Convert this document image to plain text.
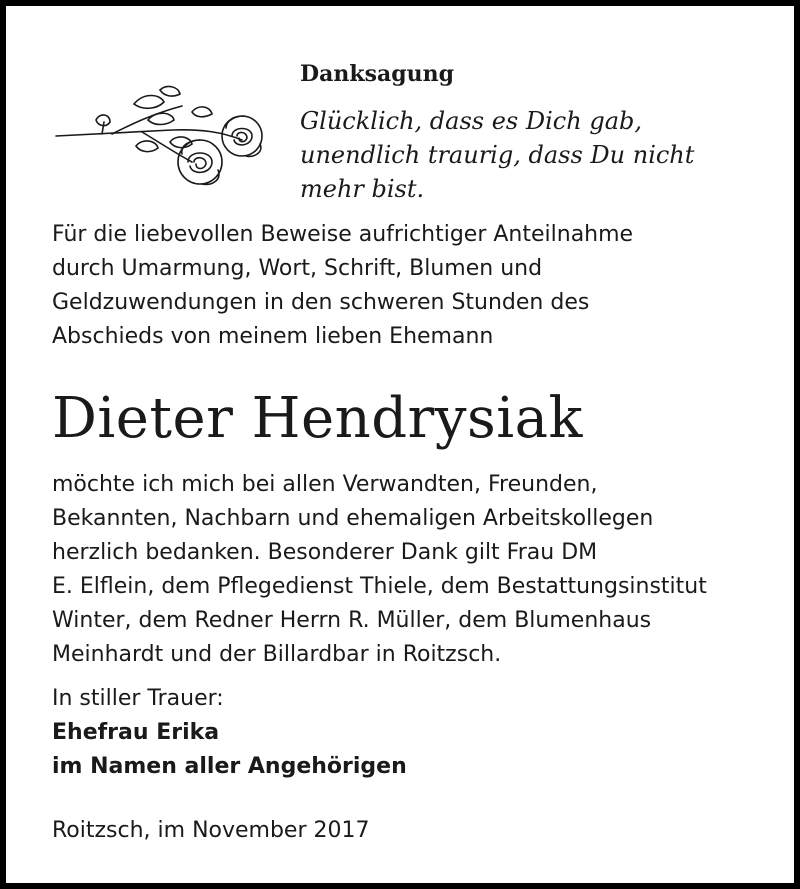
Danksagung

Glücklich, dass es Dich gab,
unendlich traurig, dass Du nicht
mehr bist.

Für die liebevollen Beweise aufrichtiger Anteilnahme
durch Umarmung, Wort, Schrift, Blumen und
Geldzuwendungen in den schweren Stunden des
Abschieds von meinem lieben Ehemann

Dieter Hendrysiak

möchte ich mich bei allen Verwandten, Freunden,
Bekannten, Nachbarn und ehemaligen Arbeitskollegen
herzlich bedanken. Besonderer Dank gilt Frau DM
E. Elflein, dem Pflegedienst Thiele, dem Bestattungsinstitut
Winter, dem Redner Herrn R. Müller, dem Blumenhaus
Meinhardt und der Billardbar in Roitzsch.

In stiller Trauer:
Ehefrau Erika
im Namen aller Angehörigen

Roitzsch, im November 2017
